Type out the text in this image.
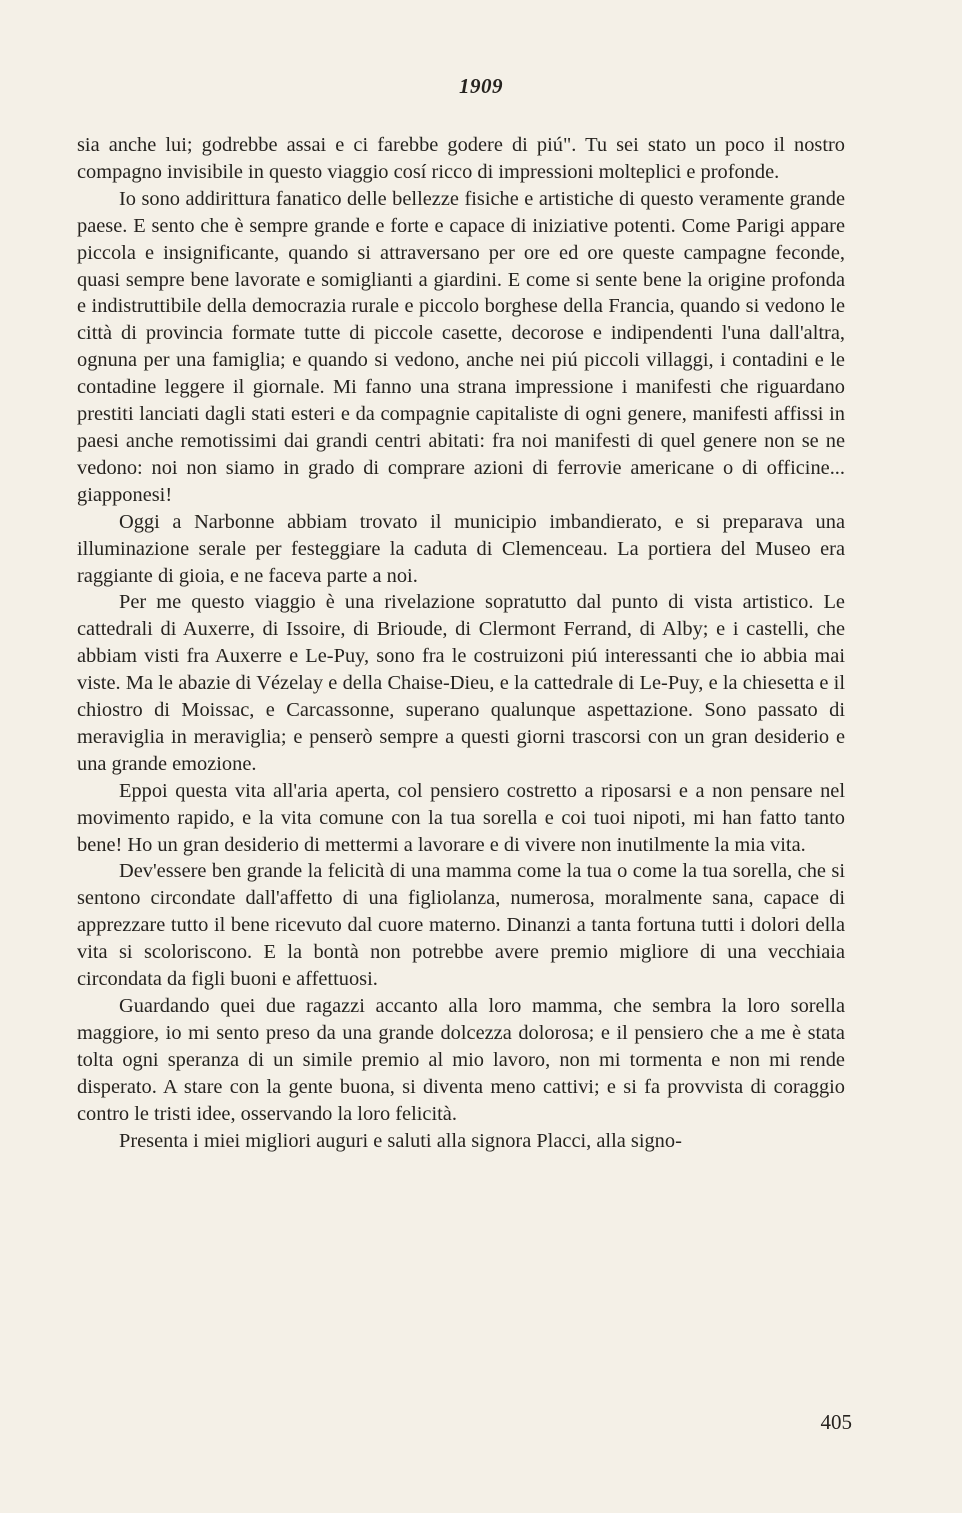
1909

sia anche lui; godrebbe assai e ci farebbe godere di piú". Tu sei stato un poco il nostro compagno invisibile in questo viaggio cosí ricco di impressioni molteplici e profonde.

Io sono addirittura fanatico delle bellezze fisiche e artistiche di questo veramente grande paese. E sento che è sempre grande e forte e capace di iniziative potenti. Come Parigi appare piccola e insignificante, quando si attraversano per ore ed ore queste campagne feconde, quasi sempre bene lavorate e somiglianti a giardini. E come si sente bene la origine profonda e indistruttibile della democrazia rurale e piccolo borghese della Francia, quando si vedono le città di provincia formate tutte di piccole casette, decorose e indipendenti l'una dall'altra, ognuna per una famiglia; e quando si vedono, anche nei piú piccoli villaggi, i contadini e le contadine leggere il giornale. Mi fanno una strana impressione i manifesti che riguardano prestiti lanciati dagli stati esteri e da compagnie capitaliste di ogni genere, manifesti affissi in paesi anche remotissimi dai grandi centri abitati: fra noi manifesti di quel genere non se ne vedono: noi non siamo in grado di comprare azioni di ferrovie americane o di officine... giapponesi!

Oggi a Narbonne abbiam trovato il municipio imbandierato, e si preparava una illuminazione serale per festeggiare la caduta di Clemenceau. La portiera del Museo era raggiante di gioia, e ne faceva parte a noi.

Per me questo viaggio è una rivelazione sopratutto dal punto di vista artistico. Le cattedrali di Auxerre, di Issoire, di Brioude, di Clermont Ferrand, di Alby; e i castelli, che abbiam visti fra Auxerre e Le-Puy, sono fra le costruizoni piú interessanti che io abbia mai viste. Ma le abazie di Vézelay e della Chaise-Dieu, e la cattedrale di Le-Puy, e la chiesetta e il chiostro di Moissac, e Carcassonne, superano qualunque aspettazione. Sono passato di meraviglia in meraviglia; e penserò sempre a questi giorni trascorsi con un gran desiderio e una grande emozione.

Eppoi questa vita all'aria aperta, col pensiero costretto a riposarsi e a non pensare nel movimento rapido, e la vita comune con la tua sorella e coi tuoi nipoti, mi han fatto tanto bene! Ho un gran desiderio di mettermi a lavorare e di vivere non inutilmente la mia vita.

Dev'essere ben grande la felicità di una mamma come la tua o come la tua sorella, che si sentono circondate dall'affetto di una figliolanza, numerosa, moralmente sana, capace di apprezzare tutto il bene ricevuto dal cuore materno. Dinanzi a tanta fortuna tutti i dolori della vita si scoloriscono. E la bontà non potrebbe avere premio migliore di una vecchiaia circondata da figli buoni e affettuosi.

Guardando quei due ragazzi accanto alla loro mamma, che sembra la loro sorella maggiore, io mi sento preso da una grande dolcezza dolorosa; e il pensiero che a me è stata tolta ogni speranza di un simile premio al mio lavoro, non mi tormenta e non mi rende disperato. A stare con la gente buona, si diventa meno cattivi; e si fa provvista di coraggio contro le tristi idee, osservando la loro felicità.

Presenta i miei migliori auguri e saluti alla signora Placci, alla signo-

405
